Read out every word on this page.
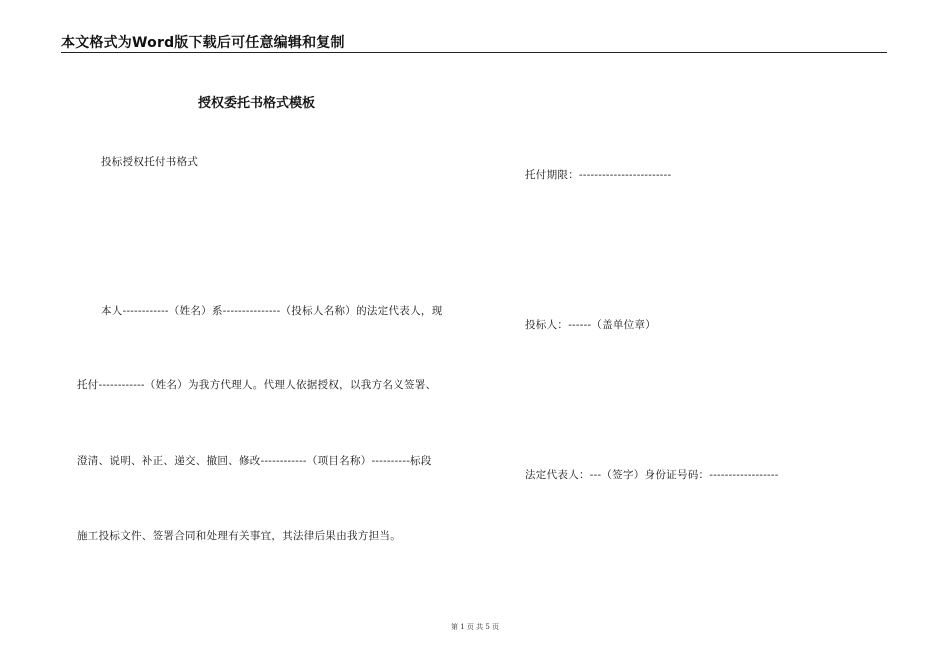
本文格式为Word版下载后可任意编辑和复制
授权委托书格式模板
投标授权托付书格式
本人------------（姓名）系---------------（投标人名称）的法定代表人，现
托付------------（姓名）为我方代理人。代理人依据授权，以我方名义签署、
澄清、说明、补正、递交、撤回、修改------------（项目名称）----------标段
施工投标文件、签署合同和处理有关事宜，其法律后果由我方担当。
托付期限：------------------------
投标人：------（盖单位章）
法定代表人：---（签字）身份证号码：------------------
第 1 页 共 5 页
